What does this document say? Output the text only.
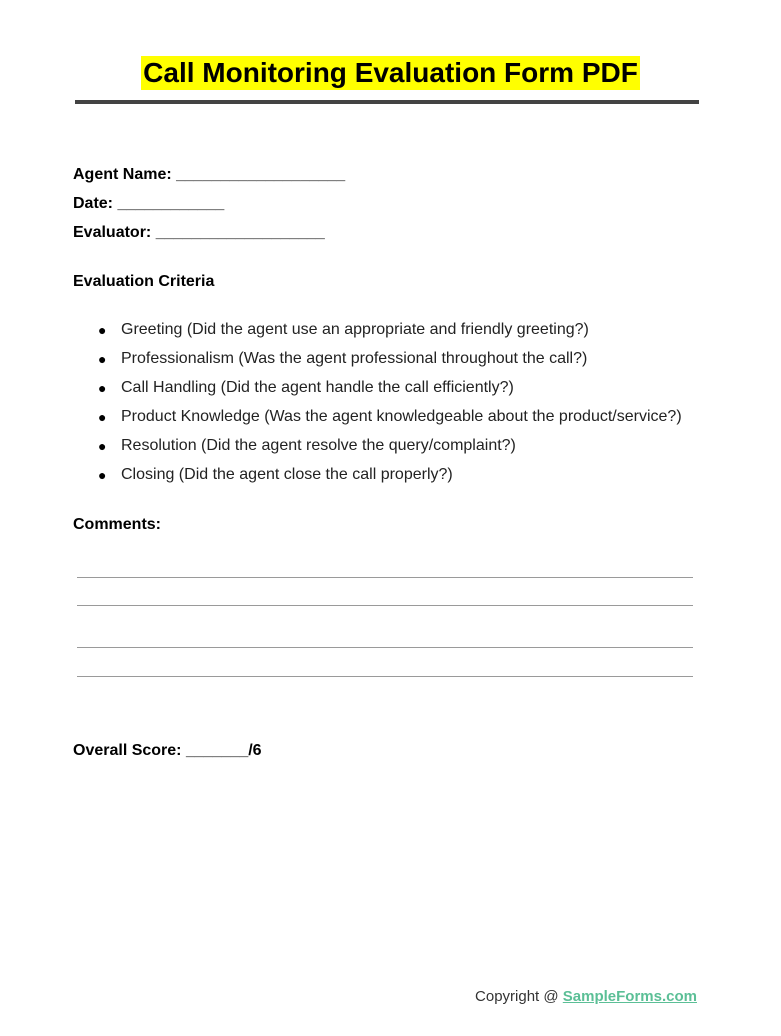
Call Monitoring Evaluation Form PDF
Agent Name: ___________________
Date: ____________
Evaluator: ___________________
Evaluation Criteria
● Greeting (Did the agent use an appropriate and friendly greeting?)
● Professionalism (Was the agent professional throughout the call?)
● Call Handling (Did the agent handle the call efficiently?)
● Product Knowledge (Was the agent knowledgeable about the product/service?)
● Resolution (Did the agent resolve the query/complaint?)
● Closing (Did the agent close the call properly?)
Comments:
Overall Score: _______/6
Copyright @ SampleForms.com
